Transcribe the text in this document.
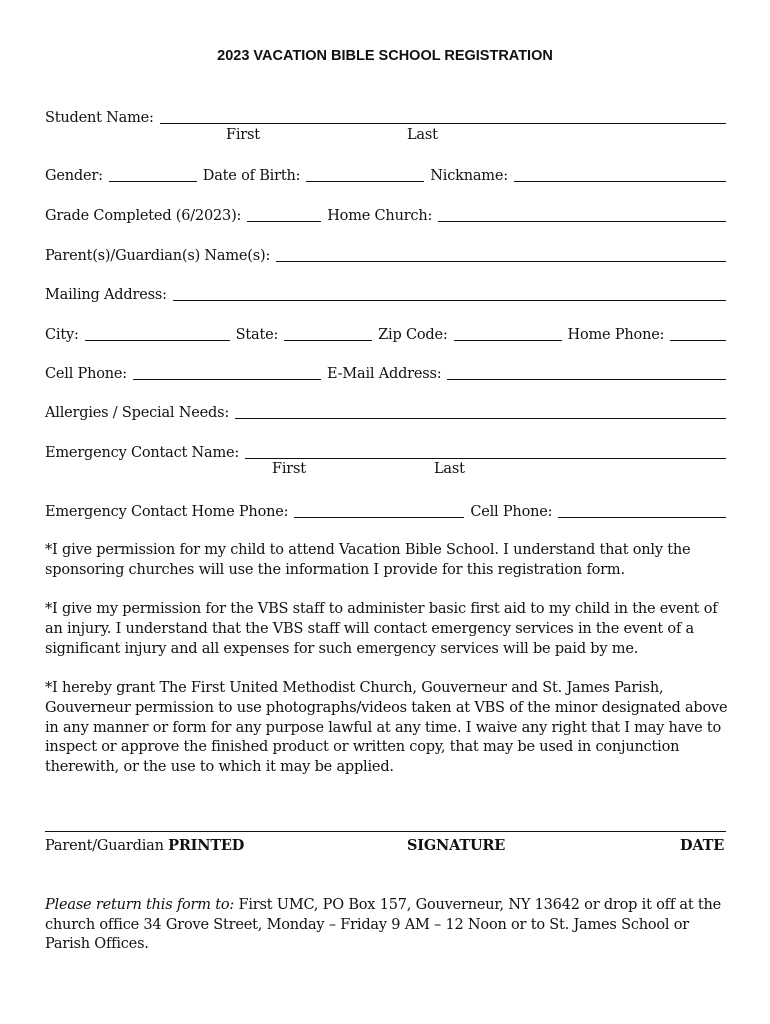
2023 VACATION BIBLE SCHOOL REGISTRATION
Student Name:
First	Last
Gender:	Date of Birth:	Nickname:
Grade Completed (6/2023):	Home Church:
Parent(s)/Guardian(s) Name(s):
Mailing Address:
City:	State:	Zip Code:	Home Phone:
Cell Phone:	E-Mail Address:
Allergies / Special Needs:
Emergency Contact Name:
First	Last
Emergency Contact Home Phone:	Cell Phone:
*I give permission for my child to attend Vacation Bible School. I understand that only the sponsoring churches will use the information I provide for this registration form.
*I give my permission for the VBS staff to administer basic first aid to my child in the event of an injury. I understand that the VBS staff will contact emergency services in the event of a significant injury and all expenses for such emergency services will be paid by me.
*I hereby grant The First United Methodist Church, Gouverneur and St. James Parish, Gouverneur permission to use photographs/videos taken at VBS of the minor designated above in any manner or form for any purpose lawful at any time. I waive any right that I may have to inspect or approve the finished product or written copy, that may be used in conjunction therewith, or the use to which it may be applied.
Parent/Guardian PRINTED	SIGNATURE	DATE
Please return this form to: First UMC, PO Box 157, Gouverneur, NY 13642 or drop it off at the church office 34 Grove Street, Monday – Friday 9 AM – 12 Noon or to St. James School or Parish Offices.
